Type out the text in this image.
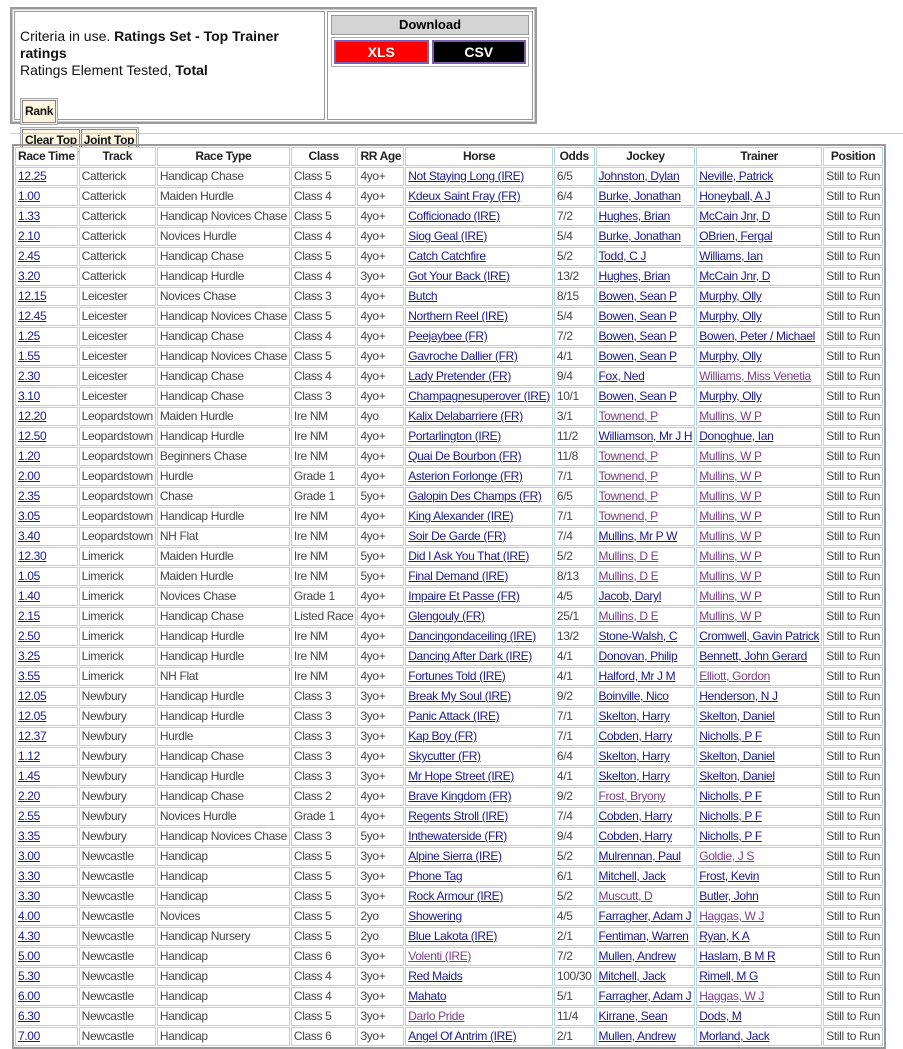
Criteria in use. Ratings Set - Top Trainer ratings
Ratings Element Tested, Total
Rank
Clear Top Joint Top
Download
XLS	CSV
Race Time	Track	Race Type	Class	RR Age	Horse	Odds	Jockey	Trainer	Position
12.25	Catterick	Handicap Chase	Class 5	4yo+	Not Staying Long (IRE)	6/5	Johnston, Dylan	Neville, Patrick	Still to Run
1.00	Catterick	Maiden Hurdle	Class 4	4yo+	Kdeux Saint Fray (FR)	6/4	Burke, Jonathan	Honeyball, A J	Still to Run
1.33	Catterick	Handicap Novices Chase	Class 5	4yo+	Cofficionado (IRE)	7/2	Hughes, Brian	McCain Jnr, D	Still to Run
2.10	Catterick	Novices Hurdle	Class 4	4yo+	Siog Geal (IRE)	5/4	Burke, Jonathan	OBrien, Fergal	Still to Run
2.45	Catterick	Handicap Chase	Class 5	4yo+	Catch Catchfire	5/2	Todd, C J	Williams, Ian	Still to Run
3.20	Catterick	Handicap Hurdle	Class 4	3yo+	Got Your Back (IRE)	13/2	Hughes, Brian	McCain Jnr, D	Still to Run
12.15	Leicester	Novices Chase	Class 3	4yo+	Butch	8/15	Bowen, Sean P	Murphy, Olly	Still to Run
12.45	Leicester	Handicap Novices Chase	Class 5	4yo+	Northern Reel (IRE)	5/4	Bowen, Sean P	Murphy, Olly	Still to Run
1.25	Leicester	Handicap Chase	Class 4	4yo+	Peejaybee (FR)	7/2	Bowen, Sean P	Bowen, Peter / Michael	Still to Run
1.55	Leicester	Handicap Novices Chase	Class 5	4yo+	Gavroche Dallier (FR)	4/1	Bowen, Sean P	Murphy, Olly	Still to Run
2.30	Leicester	Handicap Chase	Class 4	4yo+	Lady Pretender (FR)	9/4	Fox, Ned	Williams, Miss Venetia	Still to Run
3.10	Leicester	Handicap Chase	Class 3	4yo+	Champagnesuperover (IRE)	10/1	Bowen, Sean P	Murphy, Olly	Still to Run
12.20	Leopardstown	Maiden Hurdle	Ire NM	4yo	Kalix Delabarriere (FR)	3/1	Townend, P	Mullins, W P	Still to Run
12.50	Leopardstown	Handicap Hurdle	Ire NM	4yo+	Portarlington (IRE)	11/2	Williamson, Mr J H	Donoghue, Ian	Still to Run
1.20	Leopardstown	Beginners Chase	Ire NM	4yo+	Quai De Bourbon (FR)	11/8	Townend, P	Mullins, W P	Still to Run
2.00	Leopardstown	Hurdle	Grade 1	4yo+	Asterion Forlonge (FR)	7/1	Townend, P	Mullins, W P	Still to Run
2.35	Leopardstown	Chase	Grade 1	5yo+	Galopin Des Champs (FR)	6/5	Townend, P	Mullins, W P	Still to Run
3.05	Leopardstown	Handicap Hurdle	Ire NM	4yo+	King Alexander (IRE)	7/1	Townend, P	Mullins, W P	Still to Run
3.40	Leopardstown	NH Flat	Ire NM	4yo+	Soir De Garde (FR)	7/4	Mullins, Mr P W	Mullins, W P	Still to Run
12.30	Limerick	Maiden Hurdle	Ire NM	5yo+	Did I Ask You That (IRE)	5/2	Mullins, D E	Mullins, W P	Still to Run
1.05	Limerick	Maiden Hurdle	Ire NM	5yo+	Final Demand (IRE)	8/13	Mullins, D E	Mullins, W P	Still to Run
1.40	Limerick	Novices Chase	Grade 1	4yo+	Impaire Et Passe (FR)	4/5	Jacob, Daryl	Mullins, W P	Still to Run
2.15	Limerick	Handicap Chase	Listed Race	4yo+	Glengouly (FR)	25/1	Mullins, D E	Mullins, W P	Still to Run
2.50	Limerick	Handicap Hurdle	Ire NM	4yo+	Dancingondaceiling (IRE)	13/2	Stone-Walsh, C	Cromwell, Gavin Patrick	Still to Run
3.25	Limerick	Handicap Hurdle	Ire NM	4yo+	Dancing After Dark (IRE)	4/1	Donovan, Philip	Bennett, John Gerard	Still to Run
3.55	Limerick	NH Flat	Ire NM	4yo+	Fortunes Told (IRE)	4/1	Halford, Mr J M	Elliott, Gordon	Still to Run
12.05	Newbury	Handicap Hurdle	Class 3	3yo+	Break My Soul (IRE)	9/2	Boinville, Nico	Henderson, N J	Still to Run
12.05	Newbury	Handicap Hurdle	Class 3	3yo+	Panic Attack (IRE)	7/1	Skelton, Harry	Skelton, Daniel	Still to Run
12.37	Newbury	Hurdle	Class 3	3yo+	Kap Boy (FR)	7/1	Cobden, Harry	Nicholls, P F	Still to Run
1.12	Newbury	Handicap Chase	Class 3	4yo+	Skycutter (FR)	6/4	Skelton, Harry	Skelton, Daniel	Still to Run
1.45	Newbury	Handicap Hurdle	Class 3	3yo+	Mr Hope Street (IRE)	4/1	Skelton, Harry	Skelton, Daniel	Still to Run
2.20	Newbury	Handicap Chase	Class 2	4yo+	Brave Kingdom (FR)	9/2	Frost, Bryony	Nicholls, P F	Still to Run
2.55	Newbury	Novices Hurdle	Grade 1	4yo+	Regents Stroll (IRE)	7/4	Cobden, Harry	Nicholls, P F	Still to Run
3.35	Newbury	Handicap Novices Chase	Class 3	5yo+	Inthewaterside (FR)	9/4	Cobden, Harry	Nicholls, P F	Still to Run
3.00	Newcastle	Handicap	Class 5	3yo+	Alpine Sierra (IRE)	5/2	Mulrennan, Paul	Goldie, J S	Still to Run
3.30	Newcastle	Handicap	Class 5	3yo+	Phone Tag	6/1	Mitchell, Jack	Frost, Kevin	Still to Run
3.30	Newcastle	Handicap	Class 5	3yo+	Rock Armour (IRE)	5/2	Muscutt, D	Butler, John	Still to Run
4.00	Newcastle	Novices	Class 5	2yo	Showering	4/5	Farragher, Adam J	Haggas, W J	Still to Run
4.30	Newcastle	Handicap Nursery	Class 5	2yo	Blue Lakota (IRE)	2/1	Fentiman, Warren	Ryan, K A	Still to Run
5.00	Newcastle	Handicap	Class 6	3yo+	Volenti (IRE)	7/2	Mullen, Andrew	Haslam, B M R	Still to Run
5.30	Newcastle	Handicap	Class 4	3yo+	Red Maids	100/30	Mitchell, Jack	Rimell, M G	Still to Run
6.00	Newcastle	Handicap	Class 4	3yo+	Mahato	5/1	Farragher, Adam J	Haggas, W J	Still to Run
6.30	Newcastle	Handicap	Class 5	3yo+	Darlo Pride	11/4	Kirrane, Sean	Dods, M	Still to Run
7.00	Newcastle	Handicap	Class 6	3yo+	Angel Of Antrim (IRE)	2/1	Mullen, Andrew	Morland, Jack	Still to Run
